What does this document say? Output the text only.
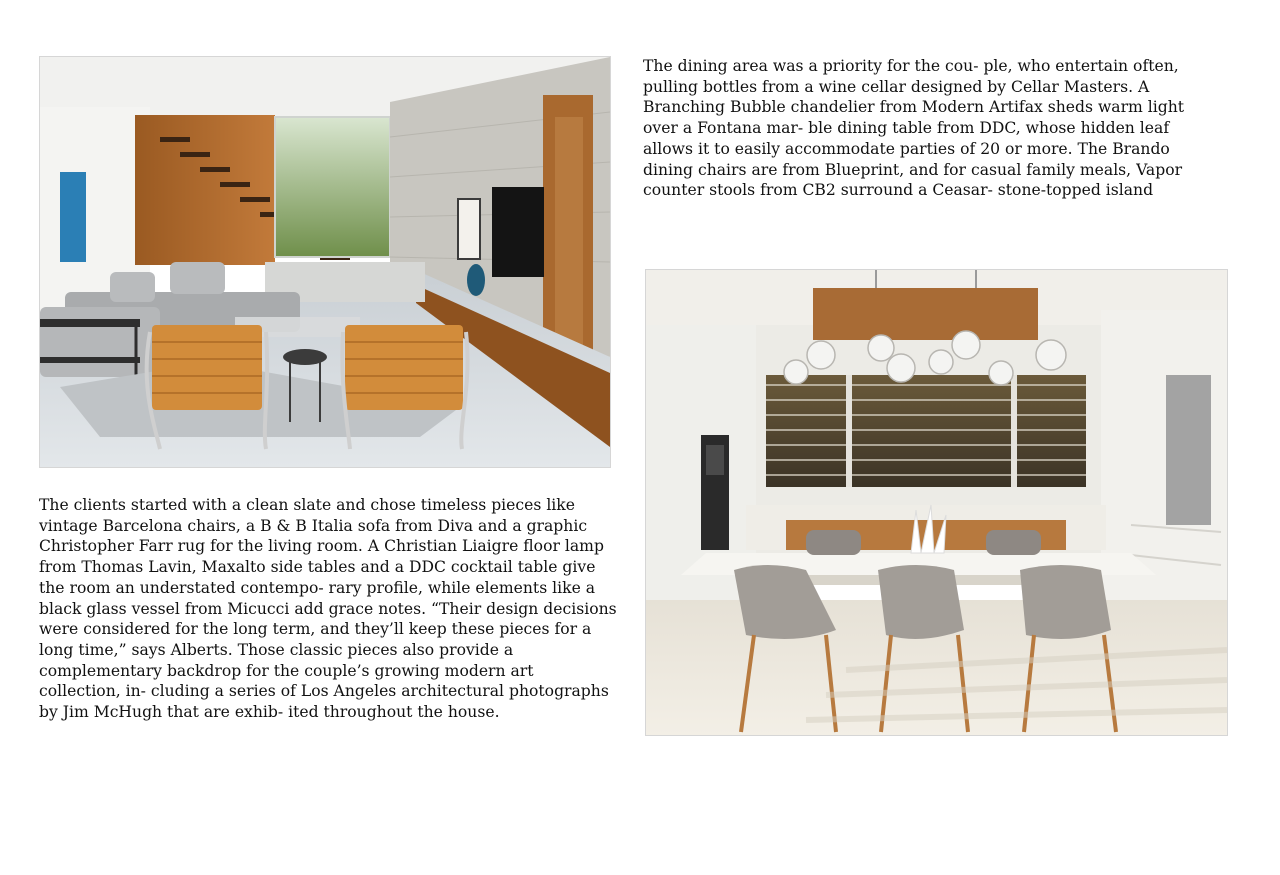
The dining area was a priority for the cou- ple, who entertain often,
pulling bottles from a wine cellar designed by Cellar Masters. A
Branching Bubble chandelier from Modern Artifax sheds warm light
over a Fontana mar- ble dining table from DDC, whose hidden leaf
allows it to easily accommodate parties of 20 or more. The Brando
dining chairs are from Blueprint, and for casual family meals, Vapor
counter stools from CB2 surround a Ceasar- stone-topped island
The clients started with a clean slate and chose timeless pieces like
vintage Barcelona chairs, a B & B Italia sofa from Diva and a graphic
Christopher Farr rug for the living room. A Christian Liaigre floor lamp
from Thomas Lavin, Maxalto side tables and a DDC cocktail table give
the room an understated contempo- rary profile, while elements like a
black glass vessel from Micucci add grace notes. “Their design decisions
were considered for the long term, and they’ll keep these pieces for a
long time,” says Alberts. Those classic pieces also provide a
complementary backdrop for the couple’s growing modern art
collection, in- cluding a series of Los Angeles architectural photographs
by Jim McHugh that are exhib- ited throughout the house.
